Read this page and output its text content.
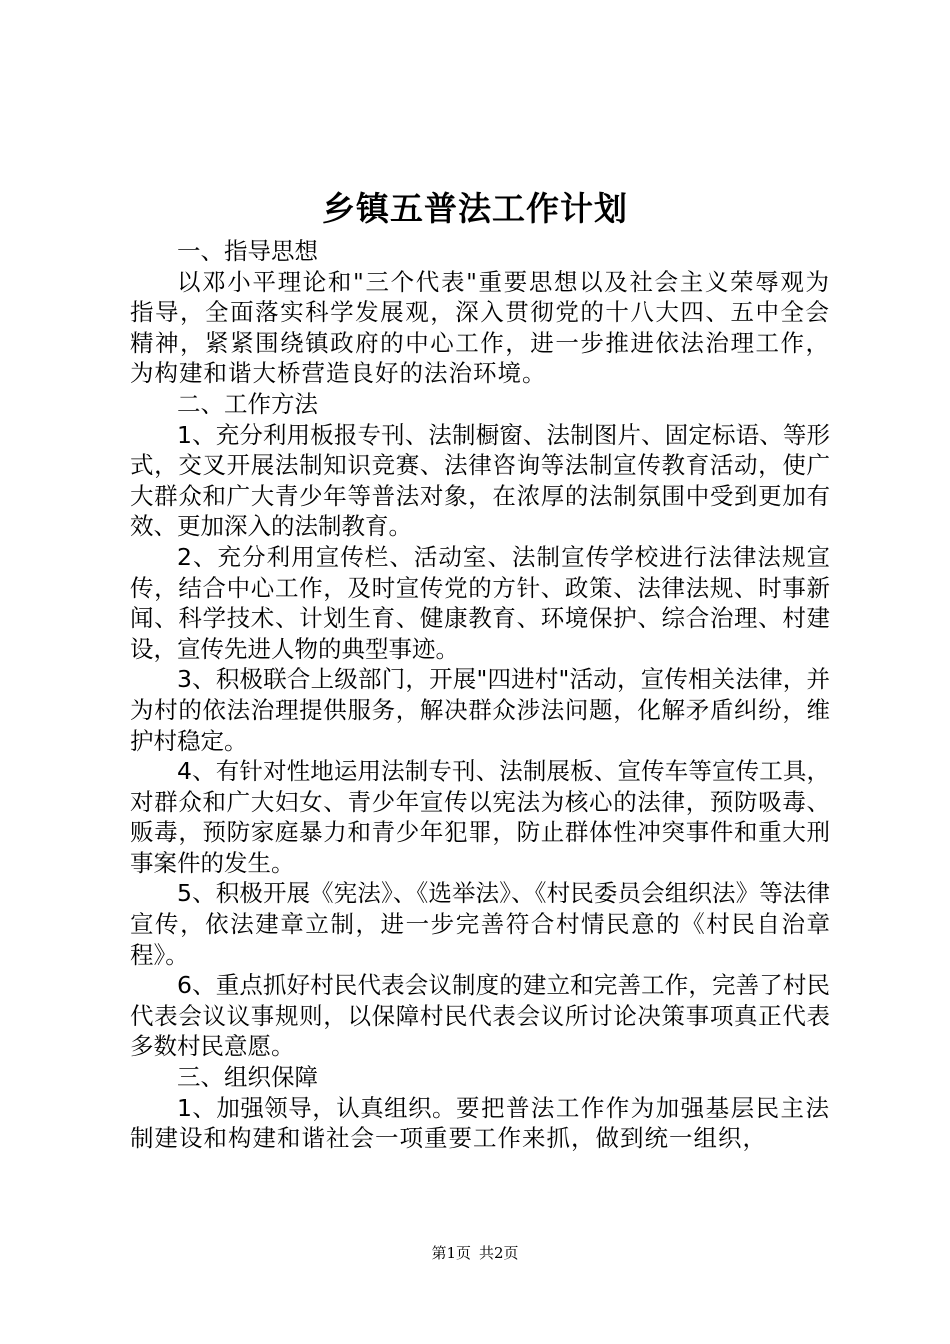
乡镇五普法工作计划

一、指导思想

以邓小平理论和"三个代表"重要思想以及社会主义荣辱观为指导，全面落实科学发展观，深入贯彻党的十八大四、五中全会精神，紧紧围绕镇政府的中心工作，进一步推进依法治理工作，为构建和谐大桥营造良好的法治环境。

二、工作方法

1、充分利用板报专刊、法制橱窗、法制图片、固定标语、等形式，交叉开展法制知识竞赛、法律咨询等法制宣传教育活动，使广大群众和广大青少年等普法对象，在浓厚的法制氛围中受到更加有效、更加深入的法制教育。

2、充分利用宣传栏、活动室、法制宣传学校进行法律法规宣传，结合中心工作，及时宣传党的方针、政策、法律法规、时事新闻、科学技术、计划生育、健康教育、环境保护、综合治理、村建设，宣传先进人物的典型事迹。

3、积极联合上级部门，开展"四进村"活动，宣传相关法律，并为村的依法治理提供服务，解决群众涉法问题，化解矛盾纠纷，维护村稳定。

4、有针对性地运用法制专刊、法制展板、宣传车等宣传工具，对群众和广大妇女、青少年宣传以宪法为核心的法律，预防吸毒、贩毒，预防家庭暴力和青少年犯罪，防止群体性冲突事件和重大刑事案件的发生。

5、积极开展《宪法》、《选举法》、《村民委员会组织法》等法律宣传，依法建章立制，进一步完善符合村情民意的《村民自治章程》。

6、重点抓好村民代表会议制度的建立和完善工作，完善了村民代表会议议事规则，以保障村民代表会议所讨论决策事项真正代表多数村民意愿。

三、组织保障

1、加强领导，认真组织。要把普法工作作为加强基层民主法制建设和构建和谐社会一项重要工作来抓，做到统一组织，

第1页 共2页
